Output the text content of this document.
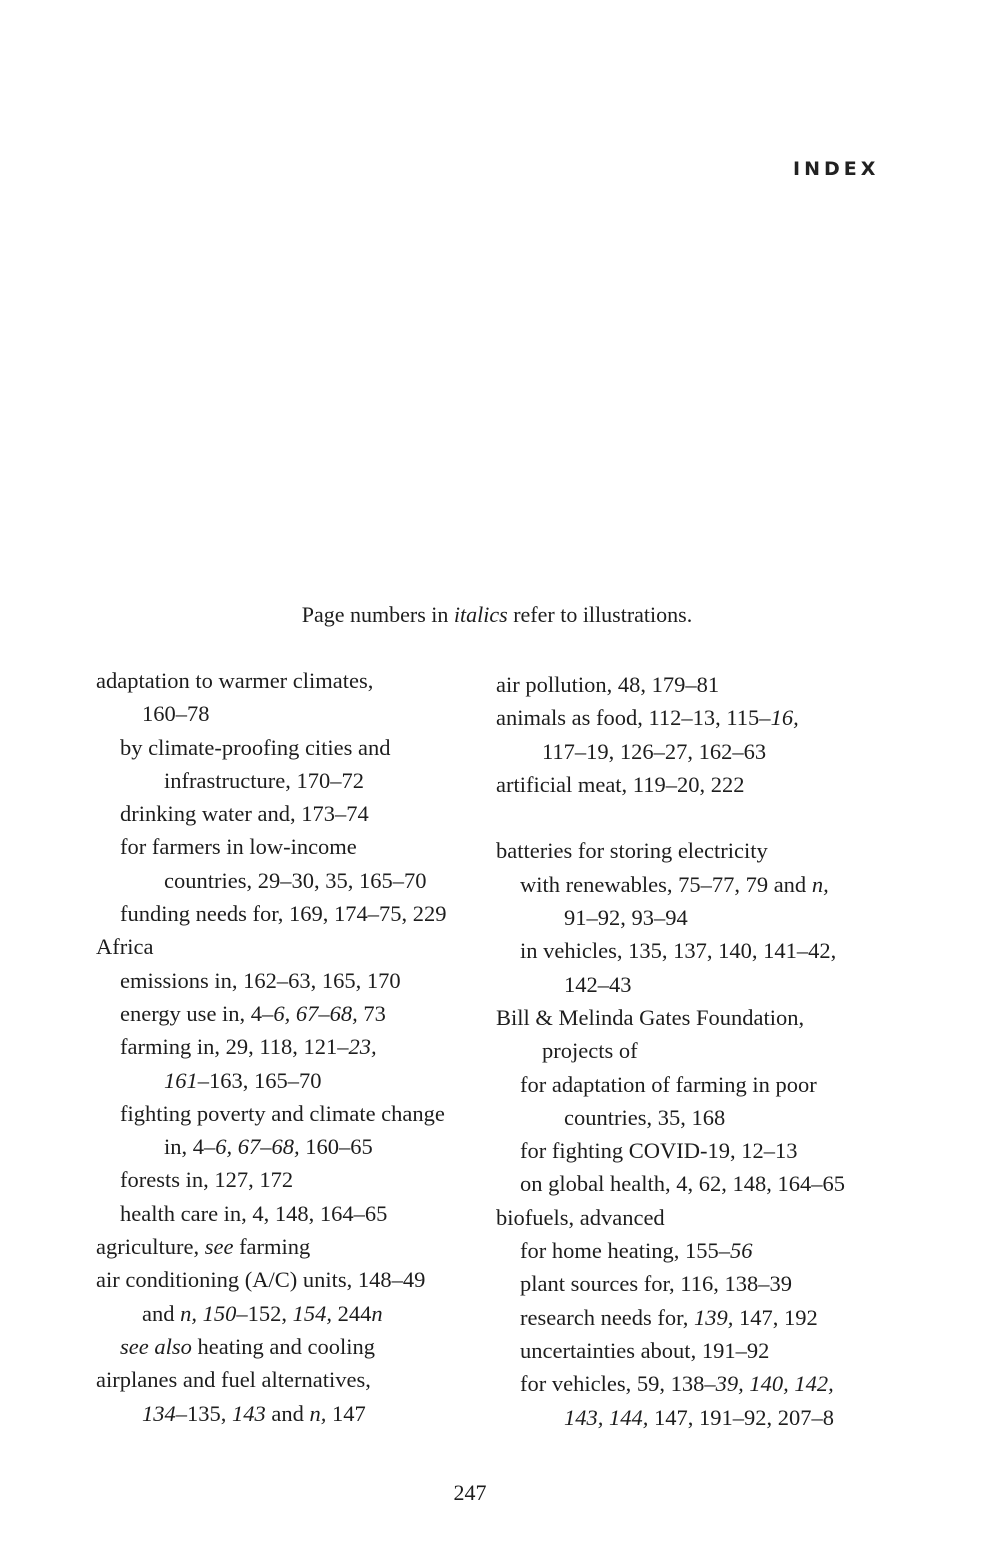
INDEX
Page numbers in italics refer to illustrations.
adaptation to warmer climates,
160–78
by climate-proofing cities and
infrastructure, 170–72
drinking water and, 173–74
for farmers in low-income
countries, 29–30, 35, 165–70
funding needs for, 169, 174–75, 229
Africa
emissions in, 162–63, 165, 170
energy use in, 4–6, 67–68, 73
farming in, 29, 118, 121–23,
161–163, 165–70
fighting poverty and climate change
in, 4–6, 67–68, 160–65
forests in, 127, 172
health care in, 4, 148, 164–65
agriculture, see farming
air conditioning (A/C) units, 148–49
and n, 150–152, 154, 244n
see also heating and cooling
airplanes and fuel alternatives,
134–135, 143 and n, 147
air pollution, 48, 179–81
animals as food, 112–13, 115–16,
117–19, 126–27, 162–63
artificial meat, 119–20, 222
batteries for storing electricity
with renewables, 75–77, 79 and n,
91–92, 93–94
in vehicles, 135, 137, 140, 141–42,
142–43
Bill & Melinda Gates Foundation,
projects of
for adaptation of farming in poor
countries, 35, 168
for fighting COVID-19, 12–13
on global health, 4, 62, 148, 164–65
biofuels, advanced
for home heating, 155–56
plant sources for, 116, 138–39
research needs for, 139, 147, 192
uncertainties about, 191–92
for vehicles, 59, 138–39, 140, 142,
143, 144, 147, 191–92, 207–8
247
